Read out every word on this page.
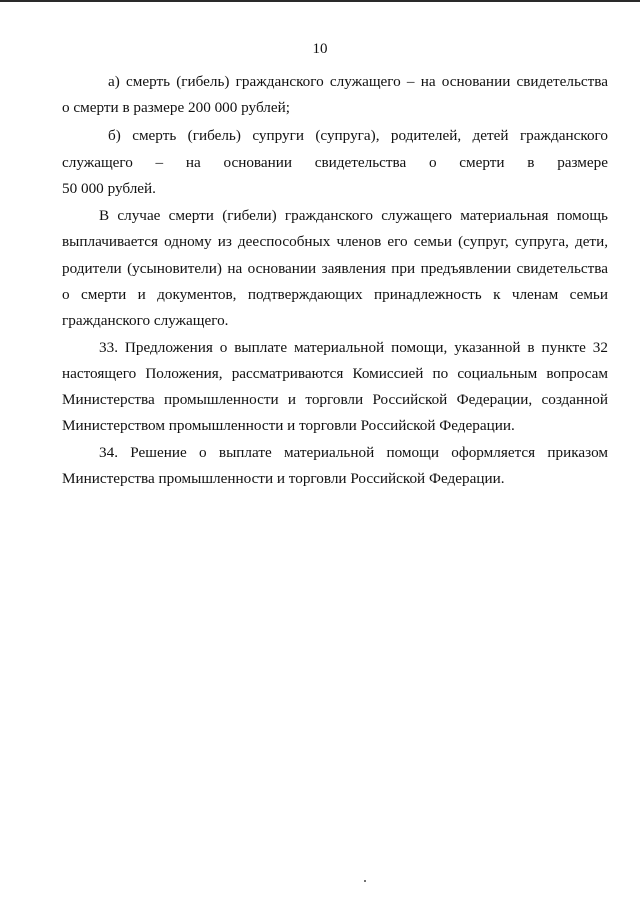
10
а) смерть (гибель) гражданского служащего – на основании свидетельства
о смерти в размере 200 000 рублей;
б) смерть (гибель) супруги (супруга), родителей, детей гражданского
служащего – на основании свидетельства о смерти в размере
50 000 рублей.
В случае смерти (гибели) гражданского служащего материальная помощь
выплачивается одному из дееспособных членов его семьи (супруг, супруга, дети,
родители (усыновители) на основании заявления при предъявлении свидетельства
о смерти и документов, подтверждающих принадлежность к членам семьи
гражданского служащего.
33. Предложения о выплате материальной помощи, указанной в пункте 32
настоящего Положения, рассматриваются Комиссией по социальным вопросам
Министерства промышленности и торговли Российской Федерации, созданной
Министерством промышленности и торговли Российской Федерации.
34. Решение о выплате материальной помощи оформляется приказом
Министерства промышленности и торговли Российской Федерации.
